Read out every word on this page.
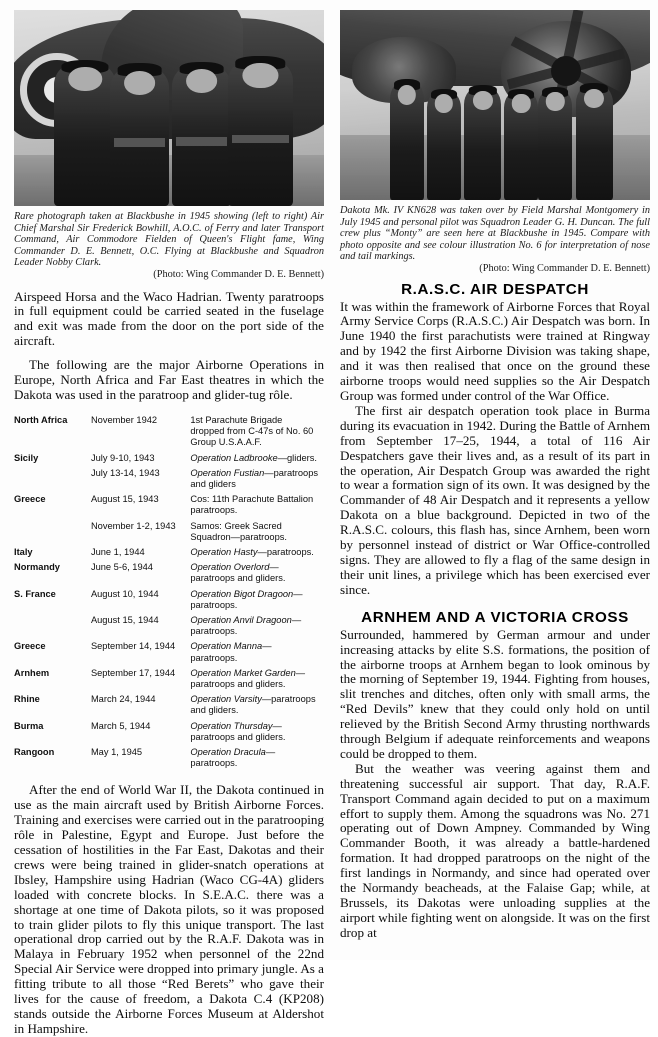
Rare photograph taken at Blackbushe in 1945 showing (left to right) Air Chief Marshal Sir Frederick Bowhill, A.O.C. of Ferry and later Transport Command, Air Commodore Fielden of Queen's Flight fame, Wing Commander D. E. Bennett, O.C. Flying at Blackbushe and Squadron Leader Nobby Clark.
(Photo: Wing Commander D. E. Bennett)

Airspeed Horsa and the Waco Hadrian. Twenty paratroops in full equipment could be carried seated in the fuselage and exit was made from the door on the port side of the aircraft.

The following are the major Airborne Operations in Europe, North Africa and Far East theatres in which the Dakota was used in the paratroop and glider-tug rôle.

North Africa	November 1942	1st Parachute Brigade dropped from C-47s of No. 60 Group U.S.A.A.F.
Sicily	July 9-10, 1943	Operation Ladbrooke—gliders.
	July 13-14, 1943	Operation Fustian—paratroops and gliders
Greece	August 15, 1943	Cos: 11th Parachute Battalion paratroops.
	November 1-2, 1943	Samos: Greek Sacred Squadron—paratroops.
Italy	June 1, 1944	Operation Hasty—paratroops.
Normandy	June 5-6, 1944	Operation Overlord— paratroops and gliders.
S. France	August 10, 1944	Operation Bigot Dragoon— paratroops.
	August 15, 1944	Operation Anvil Dragoon— paratroops.
Greece	September 14, 1944	Operation Manna— paratroops.
Arnhem	September 17, 1944	Operation Market Garden— paratroops and gliders.
Rhine	March 24, 1944	Operation Varsity—paratroops and gliders.
Burma	March 5, 1944	Operation Thursday— paratroops and gliders.
Rangoon	May 1, 1945	Operation Dracula— paratroops.

After the end of World War II, the Dakota continued in use as the main aircraft used by British Airborne Forces. Training and exercises were carried out in the paratrooping rôle in Palestine, Egypt and Europe. Just before the cessation of hostilities in the Far East, Dakotas and their crews were being trained in glider-snatch operations at Ibsley, Hampshire using Hadrian (Waco CG-4A) gliders loaded with concrete blocks. In S.E.A.C. there was a shortage at one time of Dakota pilots, so it was proposed to train glider pilots to fly this unique transport. The last operational drop carried out by the R.A.F. Dakota was in Malaya in February 1952 when personnel of the 22nd Special Air Service were dropped into primary jungle. As a fitting tribute to all those “Red Berets” who gave their lives for the cause of freedom, a Dakota C.4 (KP208) stands outside the Airborne Forces Museum at Aldershot in Hampshire.

Dakota Mk. IV KN628 was taken over by Field Marshal Montgomery in July 1945 and personal pilot was Squadron Leader G. H. Duncan. The full crew plus “Monty” are seen here at Blackbushe in 1945. Compare with photo opposite and see colour illustration No. 6 for interpretation of nose and tail markings.
(Photo: Wing Commander D. E. Bennett)
R.A.S.C. AIR DESPATCH

It was within the framework of Airborne Forces that Royal Army Service Corps (R.A.S.C.) Air Despatch was born. In June 1940 the first parachutists were trained at Ringway and by 1942 the first Airborne Division was taking shape, and it was then realised that once on the ground these airborne troops would need supplies so the Air Despatch Group was formed under control of the War Office.

The first air despatch operation took place in Burma during its evacuation in 1942. During the Battle of Arnhem from September 17–25, 1944, a total of 116 Air Despatchers gave their lives and, as a result of its part in the operation, Air Despatch Group was awarded the right to wear a formation sign of its own. It was designed by the Commander of 48 Air Despatch and it represents a yellow Dakota on a blue background. Depicted in two of the R.A.S.C. colours, this flash has, since Arnhem, been worn by personnel instead of district or War Office-controlled signs. They are allowed to fly a flag of the same design in their unit lines, a privilege which has been exercised ever since.

ARNHEM AND A VICTORIA CROSS

Surrounded, hammered by German armour and under increasing attacks by elite S.S. formations, the position of the airborne troops at Arnhem began to look ominous by the morning of September 19, 1944. Fighting from houses, slit trenches and ditches, often only with small arms, the “Red Devils” knew that they could only hold on until relieved by the British Second Army thrusting northwards through Belgium if adequate reinforcements and weapons could be dropped to them.

But the weather was veering against them and threatening successful air support. That day, R.A.F. Transport Command again decided to put on a maximum effort to supply them. Among the squadrons was No. 271 operating out of Down Ampney. Commanded by Wing Commander Booth, it was already a battle-hardened formation. It had dropped paratroops on the night of the first landings in Normandy, and since had operated over the Normandy beacheads, at the Falaise Gap; while, at Brussels, its Dakotas were unloading supplies at the airport while fighting went on alongside. It was on the first drop at
